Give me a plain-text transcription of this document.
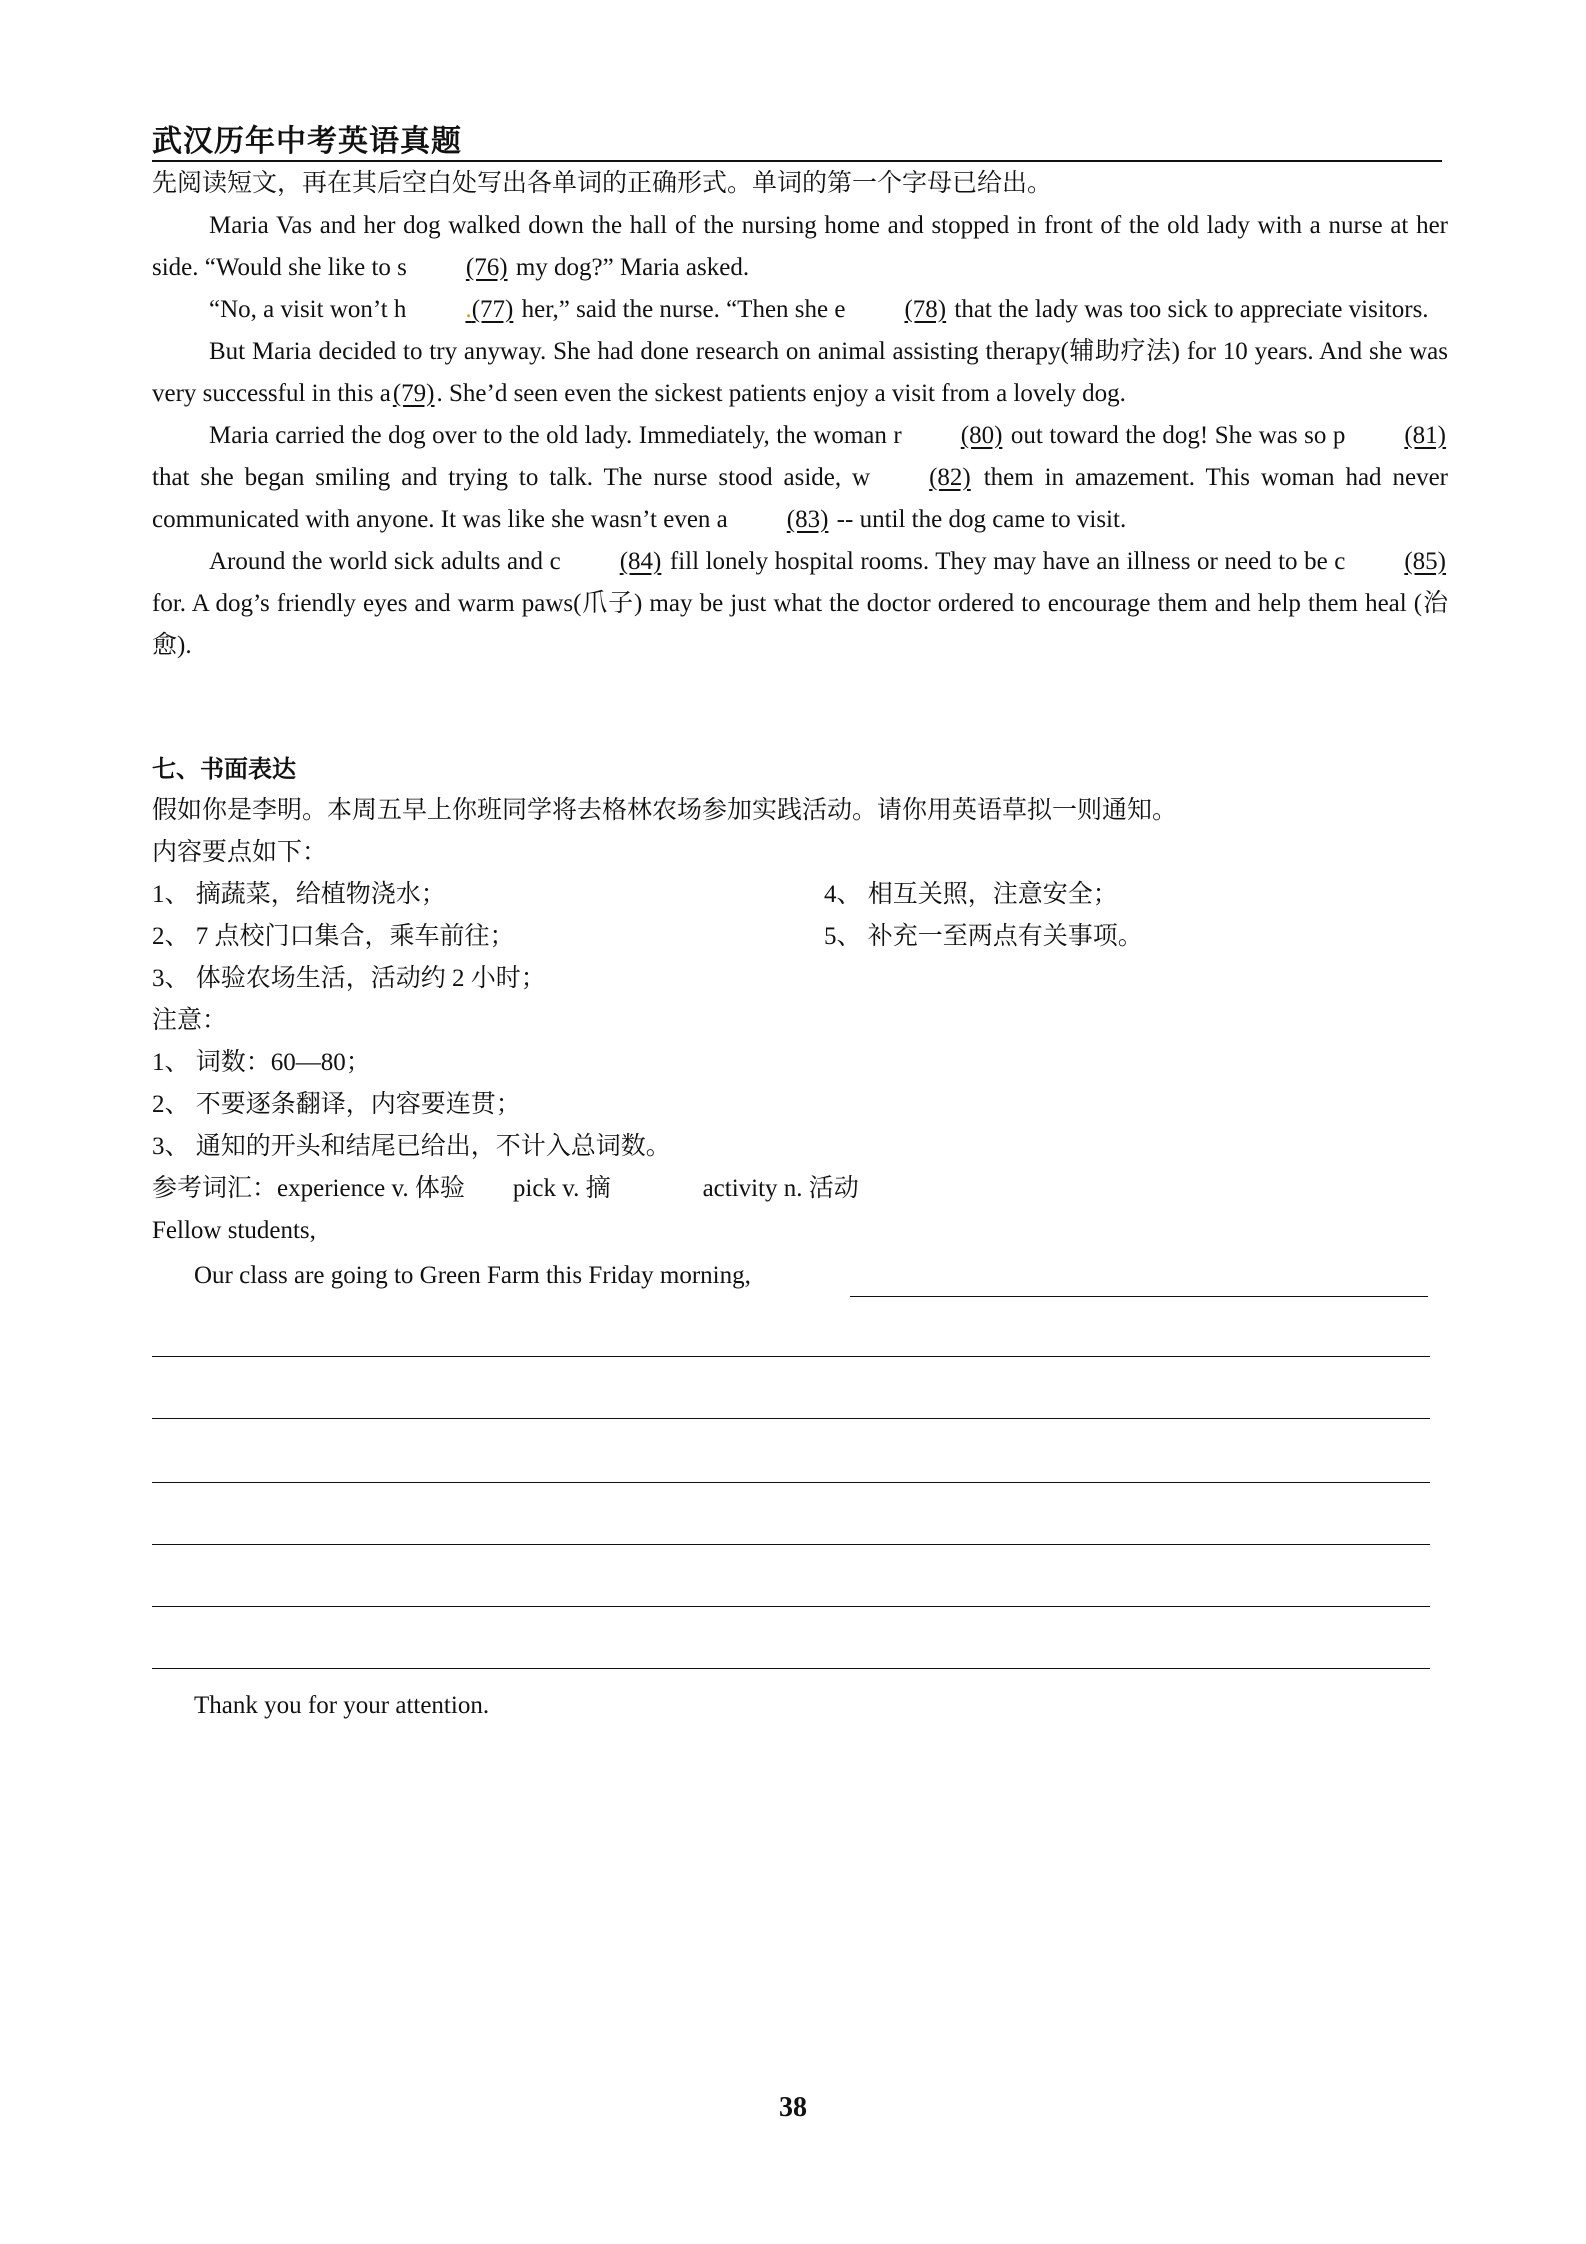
武汉历年中考英语真题
先阅读短文，再在其后空白处写出各单词的正确形式。单词的第一个字母已给出。

Maria Vas and her dog walked down the hall of the nursing home and stopped in front of the old lady with a nurse at her side. “Would she like to s (76) my dog?” Maria asked.

“No, a visit won’t h .(77) her,” said the nurse. “Then she e (78) that the lady was too sick to appreciate visitors.

But Maria decided to try anyway. She had done research on animal assisting therapy(辅助疗法) for 10 years. And she was very successful in this a(79). She’d seen even the sickest patients enjoy a visit from a lovely dog.

Maria carried the dog over to the old lady. Immediately, the woman r (80) out toward the dog! She was so p (81) that she began smiling and trying to talk. The nurse stood aside, w (82) them in amazement. This woman had never communicated with anyone. It was like she wasn’t even a (83) -- until the dog came to visit.

Around the world sick adults and c (84) fill lonely hospital rooms. They may have an illness or need to be c (85) for. A dog’s friendly eyes and warm paws(爪子) may be just what the doctor ordered to encourage them and help them heal (治愈).

七、书面表达
假如你是李明。本周五早上你班同学将去格林农场参加实践活动。请你用英语草拟一则通知。
内容要点如下：
1、 摘蔬菜，给植物浇水；
2、 7 点校门口集合，乘车前往；
3、 体验农场生活，活动约 2 小时；
4、 相互关照，注意安全；
5、 补充一至两点有关事项。
注意：
1、 词数：60—80；
2、 不要逐条翻译，内容要连贯；
3、 通知的开头和结尾已给出，不计入总词数。
参考词汇：experience v. 体验 pick v. 摘	activity n. 活动
Fellow students,
Our class are going to Green Farm this Friday morning,
Thank you for your attention.
38
